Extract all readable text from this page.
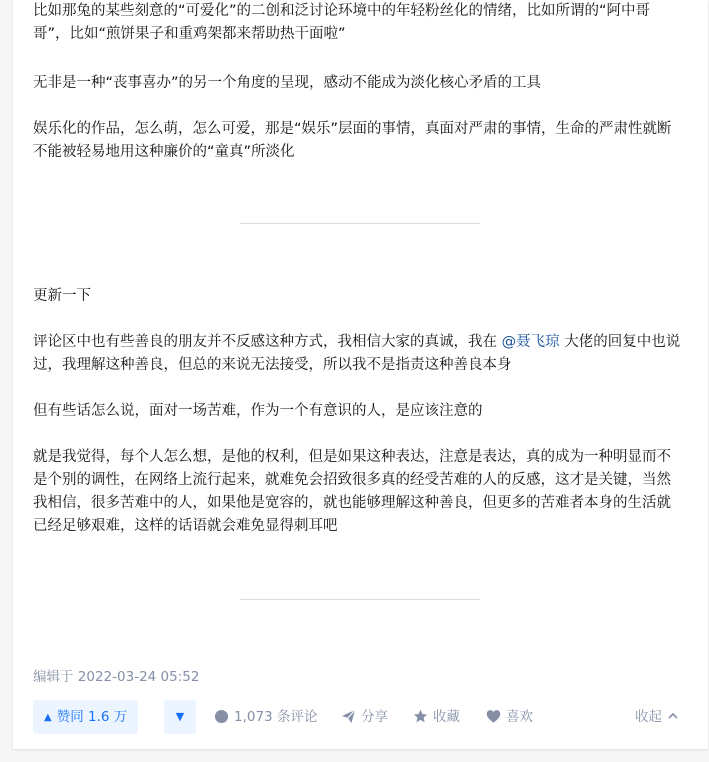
比如那兔的某些刻意的“可爱化”的二创和泛讨论环境中的年轻粉丝化的情绪，比如所谓的“阿中哥哥”，比如“煎饼果子和重鸡架都来帮助热干面啦”

无非是一种“丧事喜办”的另一个角度的呈现，感动不能成为淡化核心矛盾的工具

娱乐化的作品，怎么萌，怎么可爱，那是“娱乐”层面的事情，真面对严肃的事情，生命的严肃性就断不能被轻易地用这种廉价的“童真”所淡化

更新一下

评论区中也有些善良的朋友并不反感这种方式，我相信大家的真诚，我在 @聂飞琼 大佬的回复中也说过，我理解这种善良，但总的来说无法接受，所以我不是指责这种善良本身

但有些话怎么说，面对一场苦难，作为一个有意识的人，是应该注意的

就是我觉得，每个人怎么想，是他的权利，但是如果这种表达，注意是表达，真的成为一种明显而不是个别的调性，在网络上流行起来，就难免会招致很多真的经受苦难的人的反感，这才是关键，当然我相信，很多苦难中的人，如果他是宽容的，就也能够理解这种善良，但更多的苦难者本身的生活就已经足够艰难，这样的话语就会难免显得刺耳吧

编辑于 2022-03-24 05:52
▲ 赞同 1.6 万	▼	1,073 条评论	分享	收藏	喜欢	收起
